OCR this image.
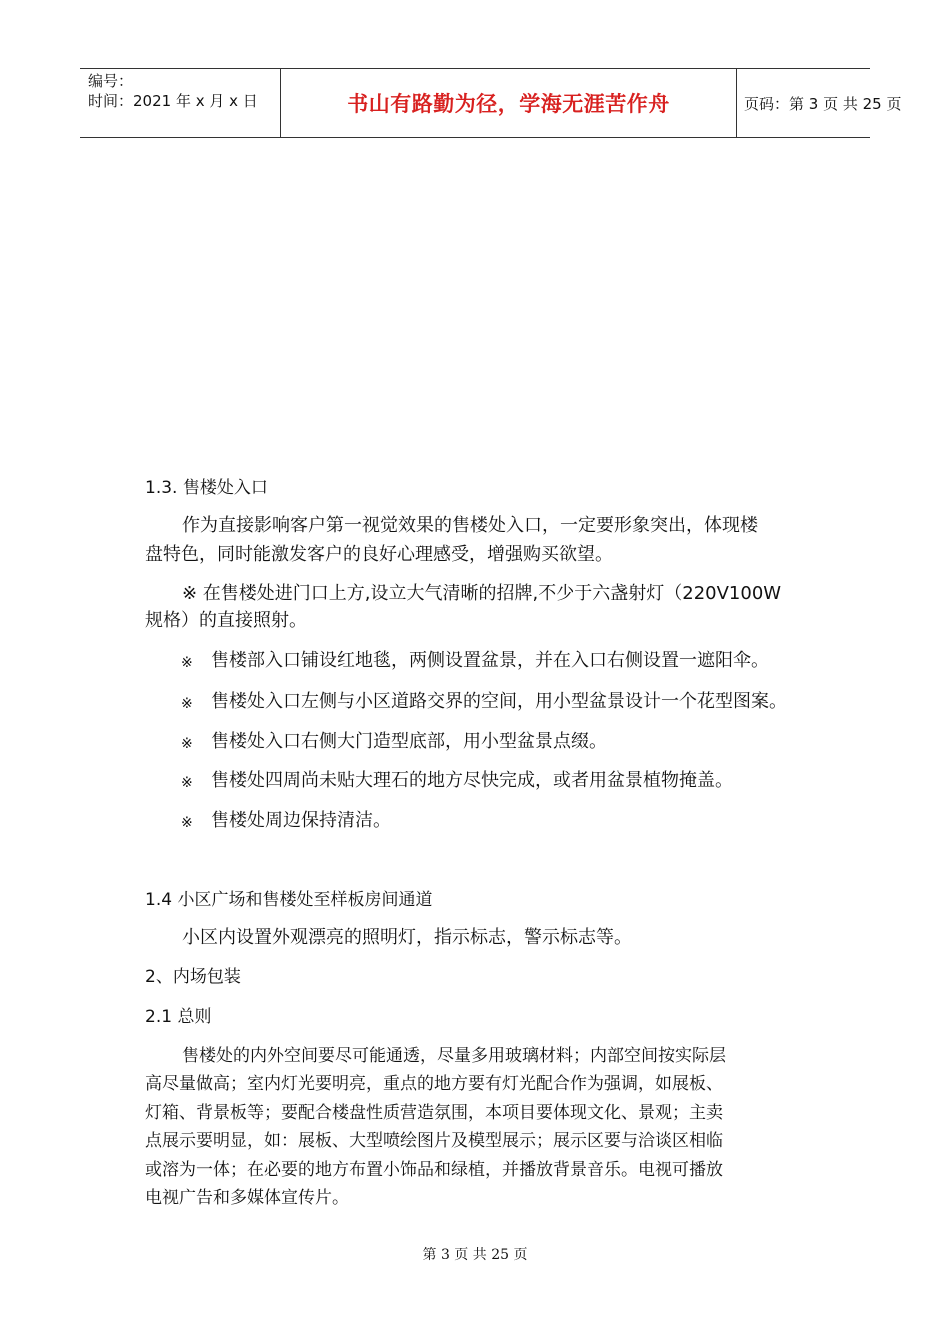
编号：
时间：2021 年 x 月 x 日	书山有路勤为径，学海无涯苦作舟	页码：第 3 页 共 25 页
1.3. 售楼处入口
作为直接影响客户第一视觉效果的售楼处入口，一定要形象突出，体现楼
盘特色，同时能激发客户的良好心理感受，增强购买欲望。
※ 在售楼处进门口上方,设立大气清晰的招牌,不少于六盏射灯（220V100W
规格）的直接照射。
※ 售楼部入口铺设红地毯，两侧设置盆景，并在入口右侧设置一遮阳伞。
※ 售楼处入口左侧与小区道路交界的空间，用小型盆景设计一个花型图案。
※ 售楼处入口右侧大门造型底部，用小型盆景点缀。
※ 售楼处四周尚未贴大理石的地方尽快完成，或者用盆景植物掩盖。
※ 售楼处周边保持清洁。
1.4 小区广场和售楼处至样板房间通道
小区内设置外观漂亮的照明灯，指示标志，警示标志等。
2、内场包装
2.1 总则
售楼处的内外空间要尽可能通透，尽量多用玻璃材料；内部空间按实际层
高尽量做高；室内灯光要明亮，重点的地方要有灯光配合作为强调，如展板、
灯箱、背景板等；要配合楼盘性质营造氛围，本项目要体现文化、景观；主卖
点展示要明显，如：展板、大型喷绘图片及模型展示；展示区要与洽谈区相临
或溶为一体；在必要的地方布置小饰品和绿植，并播放背景音乐。电视可播放
电视广告和多媒体宣传片。
第 3 页 共 25 页
